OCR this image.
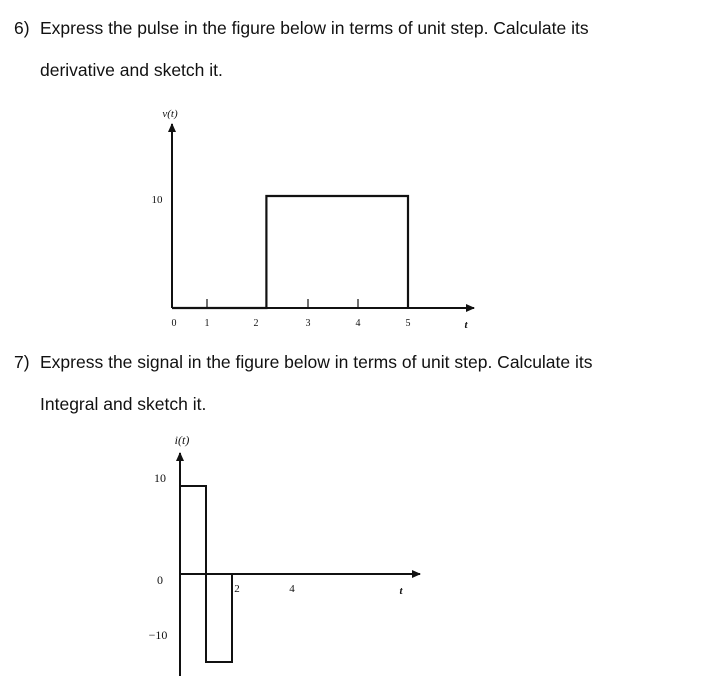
6) Express the pulse in the figure below in terms of unit step. Calculate its
derivative and sketch it.
7) Express the signal in the figure below in terms of unit step. Calculate its
Integral and sketch it.
v(t)
t
10
0	1	2	3	4	5
i(t)
t
10
0
−10
2	4
